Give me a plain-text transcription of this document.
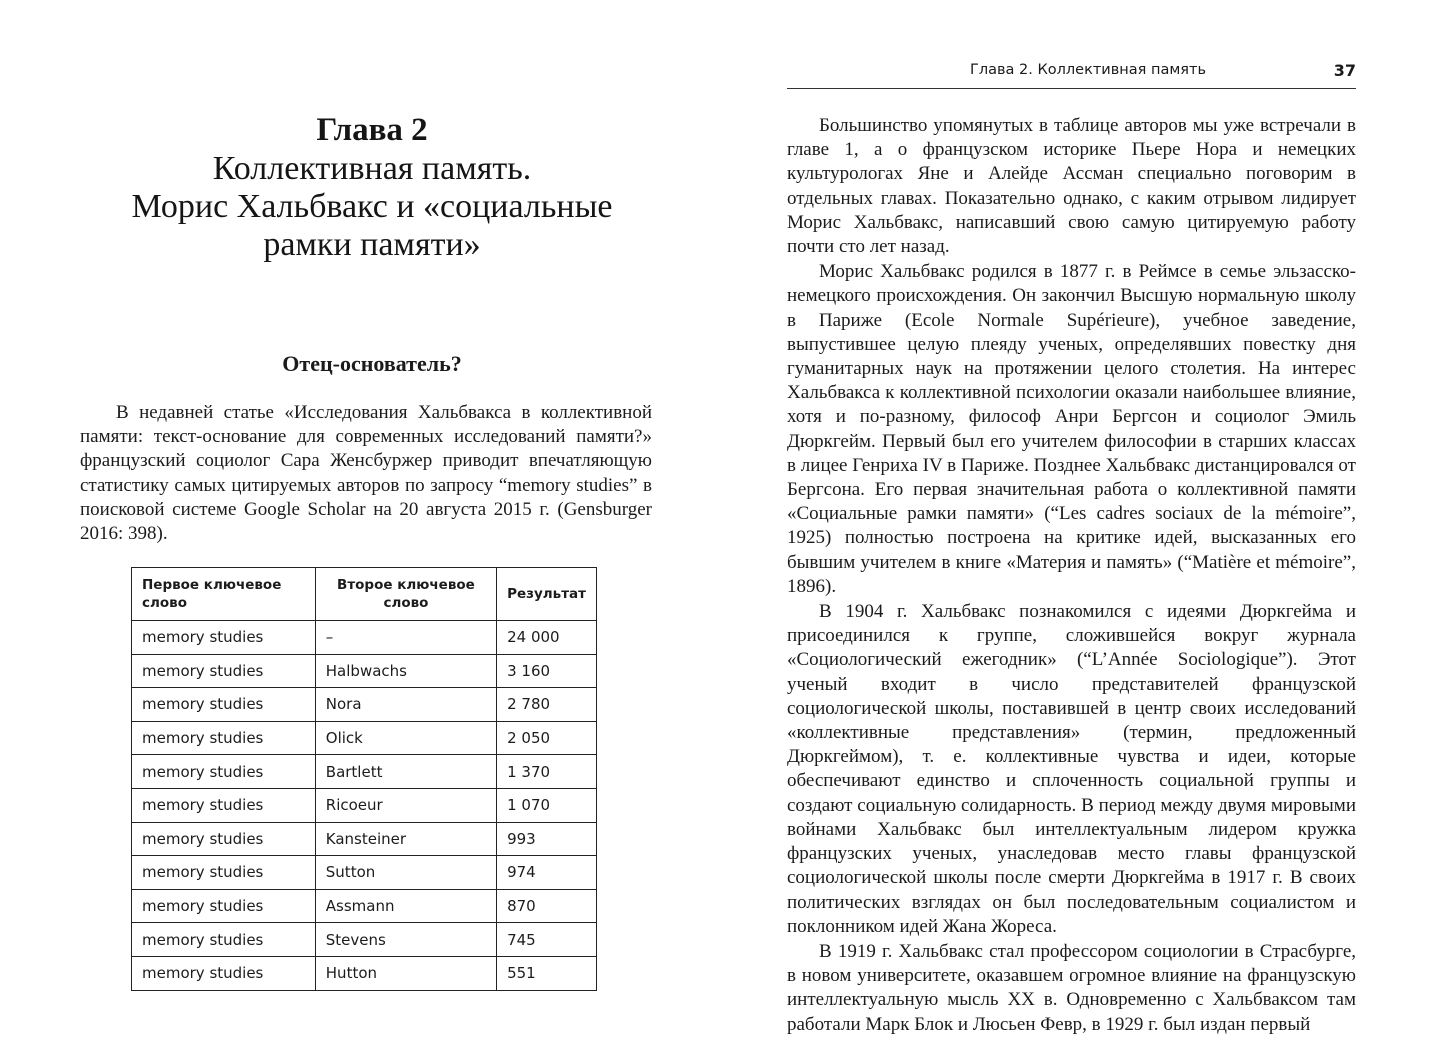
Глава 2
Коллективная память.
Морис Хальбвакс и «социальные
рамки памяти»
Отец-основатель?

В недавней статье «Исследования Хальбвакса в коллективной памяти: текст-основание для современных исследований памяти?» французский социолог Сара Женсбуржер приводит впечатляющую статистику самых цитируемых авторов по запросу “memory studies” в поисковой системе Google Scholar на 20 августа 2015 г. (Gensburger 2016: 398).

Первое ключевое слово	Второе ключевое слово	Результат
memory studies	–	24 000
memory studies	Halbwachs	3 160
memory studies	Nora	2 780
memory studies	Olick	2 050
memory studies	Bartlett	1 370
memory studies	Ricoeur	1 070
memory studies	Kansteiner	993
memory studies	Sutton	974
memory studies	Assmann	870
memory studies	Stevens	745
memory studies	Hutton	551
Глава 2. Коллективная память	37

Большинство упомянутых в таблице авторов мы уже встречали в главе 1, а о французском историке Пьере Нора и немецких культурологах Яне и Алейде Ассман специально поговорим в отдельных главах. Показательно однако, с каким отрывом лидирует Морис Хальбвакс, написавший свою самую цитируемую работу почти сто лет назад.

Морис Хальбвакс родился в 1877 г. в Реймсе в семье эльзасско-немецкого происхождения. Он закончил Высшую нормальную школу в Париже (Ecole Normale Supérieure), учебное заведение, выпустившее целую плеяду ученых, определявших повестку дня гуманитарных наук на протяжении целого столетия. На интерес Хальбвакса к коллективной психологии оказали наибольшее влияние, хотя и по-разному, философ Анри Бергсон и социолог Эмиль Дюркгейм. Первый был его учителем философии в старших классах в лицее Генриха IV в Париже. Позднее Хальбвакс дистанцировался от Бергсона. Его первая значительная работа о коллективной памяти «Социальные рамки памяти» (“Les cadres sociaux de la mémoire”, 1925) полностью построена на критике идей, высказанных его бывшим учителем в книге «Материя и память» (“Matière et mémoire”, 1896).

В 1904 г. Хальбвакс познакомился с идеями Дюркгейма и присоединился к группе, сложившейся вокруг журнала «Социологический ежегодник» (“L’Année Sociologique”). Этот ученый входит в число представителей французской социологической школы, поставившей в центр своих исследований «коллективные представления» (термин, предложенный Дюркгеймом), т. е. коллективные чувства и идеи, которые обеспечивают единство и сплоченность социальной группы и создают социальную солидарность. В период между двумя мировыми войнами Хальбвакс был интеллектуальным лидером кружка французских ученых, унаследовав место главы французской социологической школы после смерти Дюркгейма в 1917 г. В своих политических взглядах он был последовательным социалистом и поклонником идей Жана Жореса.

В 1919 г. Хальбвакс стал профессором социологии в Страсбурге, в новом университете, оказавшем огромное влияние на французскую интеллектуальную мысль XX в. Одновременно с Хальбваксом там работали Марк Блок и Люсьен Февр, в 1929 г. был издан первый
